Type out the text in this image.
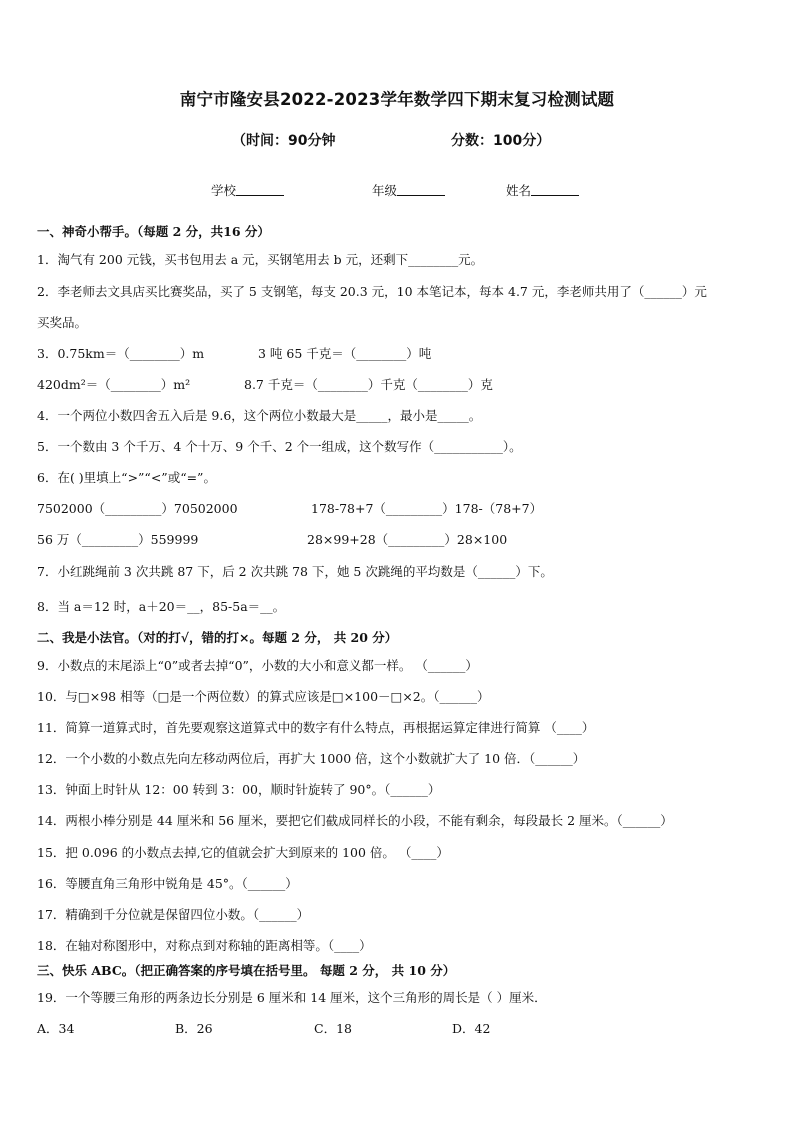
南宁市隆安县2022-2023学年数学四下期末复习检测试题
（时间：90分钟	分数：100分）
学校	年级	姓名
一、神奇小帮手。（每题 2 分，共16 分）
1．淘气有 200 元钱，买书包用去 a 元，买钢笔用去 b 元，还剩下________元。
2．李老师去文具店买比赛奖品，买了 5 支钢笔，每支 20.3 元，10 本笔记本，每本 4.7 元，李老师共用了（______）元
买奖品。
3．0.75km＝（________）m	3 吨 65 千克＝（________）吨
420dm²＝（________）m²	8.7 千克＝（________）千克（________）克
4．一个两位小数四舍五入后是 9.6，这个两位小数最大是_____，最小是_____。
5．一个数由 3 个千万、4 个十万、9 个千、2 个一组成，这个数写作（___________）。
6．在( )里填上“>”“<”或“=”。
7502000（_________）70502000	178-78+7（_________）178-（78+7）
56 万（_________）559999	28×99+28（_________）28×100
7．小红跳绳前 3 次共跳 87 下，后 2 次共跳 78 下，她 5 次跳绳的平均数是（______）下。
8．当 a＝12 时，a＋20＝__，85-5a＝__。
二、我是小法官。（对的打√，错的打×。每题 2 分， 共 20 分）
9．小数点的末尾添上“0”或者去掉“0”，小数的大小和意义都一样。 （______）
10．与□×98 相等（□是一个两位数）的算式应该是□×100－□×2。（______）
11．简算一道算式时，首先要观察这道算式中的数字有什么特点，再根据运算定律进行简算 （____）
12．一个小数的小数点先向左移动两位后，再扩大 1000 倍，这个小数就扩大了 10 倍．（______）
13．钟面上时针从 12：00 转到 3：00，顺时针旋转了 90°。（______）
14．两根小棒分别是 44 厘米和 56 厘米，要把它们截成同样长的小段，不能有剩余，每段最长 2 厘米。（______）
15．把 0.096 的小数点去掉,它的值就会扩大到原来的 100 倍。 （____）
16．等腰直角三角形中锐角是 45°。（______）
17．精确到千分位就是保留四位小数。（______）
18．在轴对称图形中，对称点到对称轴的距离相等。（____）
三、快乐 ABC。（把正确答案的序号填在括号里。 每题 2 分， 共 10 分）
19．一个等腰三角形的两条边长分别是 6 厘米和 14 厘米，这个三角形的周长是（ ）厘米．
A．34	B．26	C．18	D．42
